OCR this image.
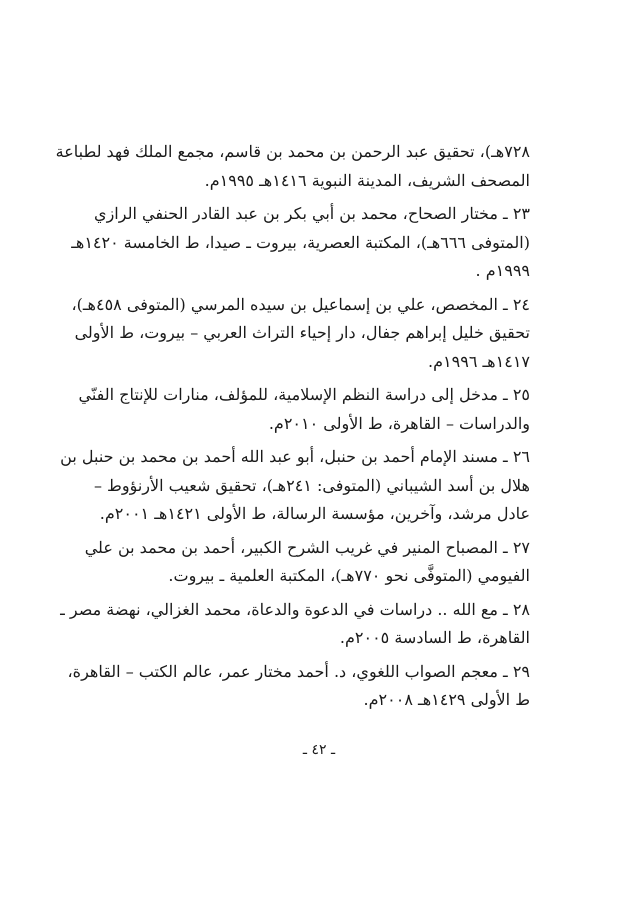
٧٢٨هـ)، تحقيق عبد الرحمن بن محمد بن قاسم، مجمع الملك فهد لطباعة
المصحف الشريف، المدينة النبوية ١٤١٦هـ ١٩٩٥م.
٢٣ ـ مختار الصحاح، محمد بن أبي بكر بن عبد القادر الحنفي الرازي
(المتوفى ٦٦٦هـ)، المكتبة العصرية، بيروت ـ صيدا، ط الخامسة ١٤٢٠هـ
١٩٩٩م .
٢٤ ـ المخصص، علي بن إسماعيل بن سيده المرسي (المتوفى ٤٥٨هـ)،
تحقيق خليل إبراهم جفال، دار إحياء التراث العربي – بيروت، ط الأولى
١٤١٧هـ ١٩٩٦م.
٢٥ ـ مدخل إلى دراسة النظم الإسلامية، للمؤلف، منارات للإنتاج الفنّي
والدراسات – القاهرة، ط الأولى ٢٠١٠م.
٢٦ ـ مسند الإمام أحمد بن حنبل، أبو عبد الله أحمد بن محمد بن حنبل بن
هلال بن أسد الشيباني (المتوفى: ٢٤١هـ)، تحقيق شعيب الأرنؤوط –
عادل مرشد، وآخرين، مؤسسة الرسالة، ط الأولى ١٤٢١هـ ٢٠٠١م.
٢٧ ـ المصباح المنير في غريب الشرح الكبير، أحمد بن محمد بن علي
الفيومي (المتوفَّى نحو ٧٧٠هـ)، المكتبة العلمية ـ بيروت.
٢٨ ـ مع الله .. دراسات في الدعوة والدعاة، محمد الغزالي، نهضة مصر ـ
القاهرة، ط السادسة ٢٠٠٥م.
٢٩ ـ معجم الصواب اللغوي، د. أحمد مختار عمر، عالم الكتب – القاهرة،
ط الأولى ١٤٢٩هـ ٢٠٠٨م.
ـ ٤٢ ـ
